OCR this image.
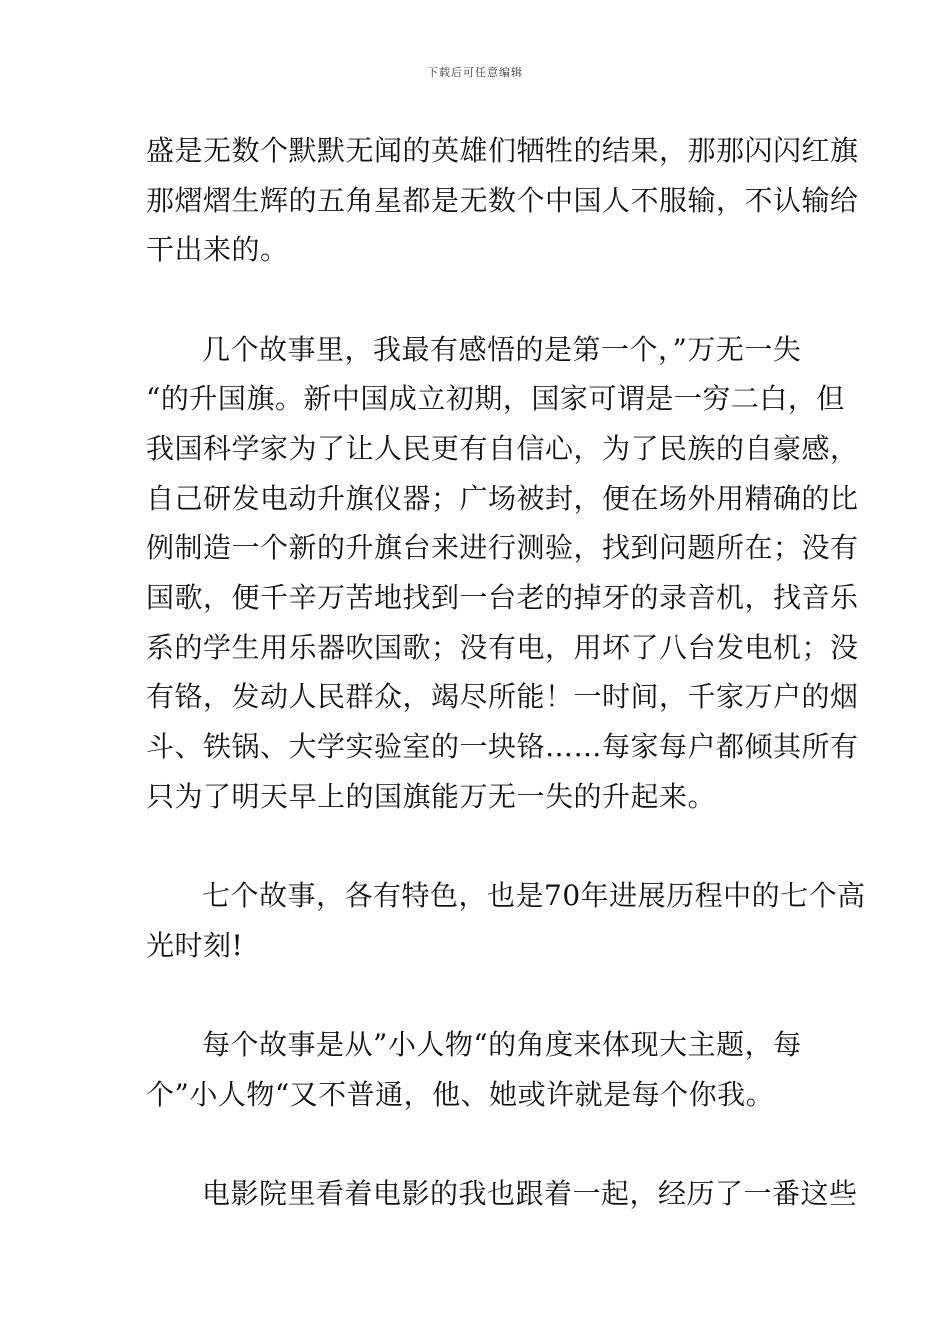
下载后可任意编辑
盛是无数个默默无闻的英雄们牺牲的结果，那那闪闪红旗
那熠熠生辉的五角星都是无数个中国人不服输，不认输给
干出来的。
几个故事里，我最有感悟的是第一个，”万无一失
“的升国旗。新中国成立初期，国家可谓是一穷二白，但
我国科学家为了让人民更有自信心，为了民族的自豪感，
自己研发电动升旗仪器；广场被封，便在场外用精确的比
例制造一个新的升旗台来进行测验，找到问题所在；没有
国歌，便千辛万苦地找到一台老的掉牙的录音机，找音乐
系的学生用乐器吹国歌；没有电，用坏了八台发电机；没
有铬，发动人民群众，竭尽所能！一时间，千家万户的烟
斗、铁锅、大学实验室的一块铬……每家每户都倾其所有
只为了明天早上的国旗能万无一失的升起来。
七个故事，各有特色，也是70年进展历程中的七个高
光时刻!
每个故事是从”小人物“的角度来体现大主题，每
个”小人物“又不普通，他、她或许就是每个你我。
电影院里看着电影的我也跟着一起，经历了一番这些
